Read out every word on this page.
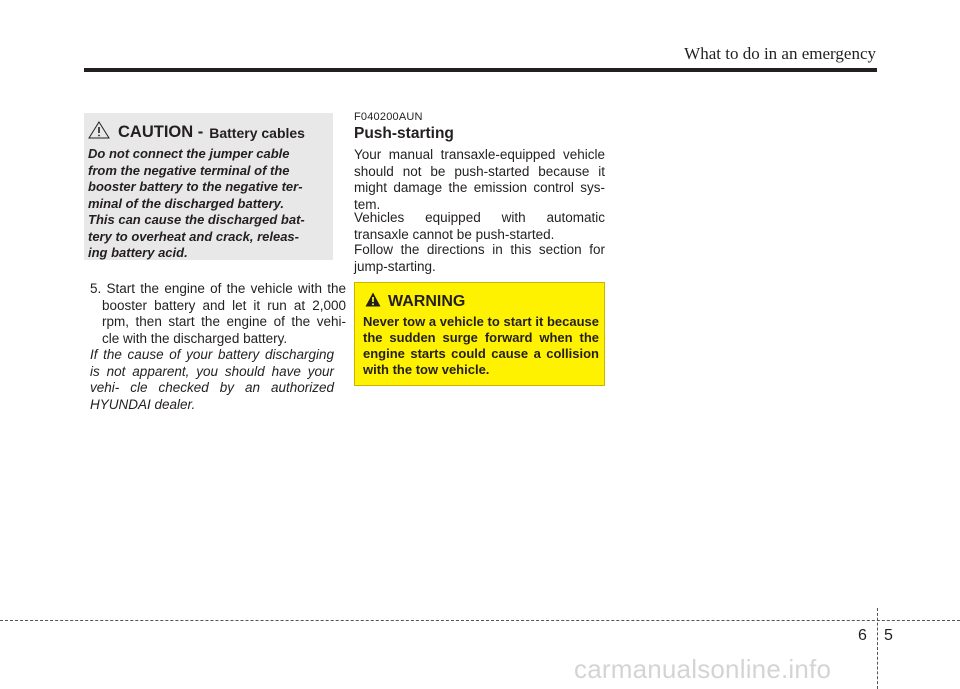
What to do in an emergency
CAUTION - Battery cables
Do not connect the jumper cable
from the negative terminal of the
booster battery to the negative ter-
minal of the discharged battery.
This can cause the discharged bat-
tery to overheat and crack, releas-
ing battery acid.
5. Start the engine of the vehicle with the booster battery and let it run at 2,000 rpm, then start the engine of the vehi- cle with the discharged battery.
If the cause of your battery discharging is not apparent, you should have your vehi- cle checked by an authorized HYUNDAI dealer.
F040200AUN
Push-starting
Your manual transaxle-equipped vehicle should not be push-started because it might damage the emission control sys- tem.
Vehicles equipped with automatic transaxle cannot be push-started.
Follow the directions in this section for jump-starting.
WARNING
Never tow a vehicle to start it because the sudden surge forward when the engine starts could cause a collision with the tow vehicle.
6 5
carmanualsonline.info
